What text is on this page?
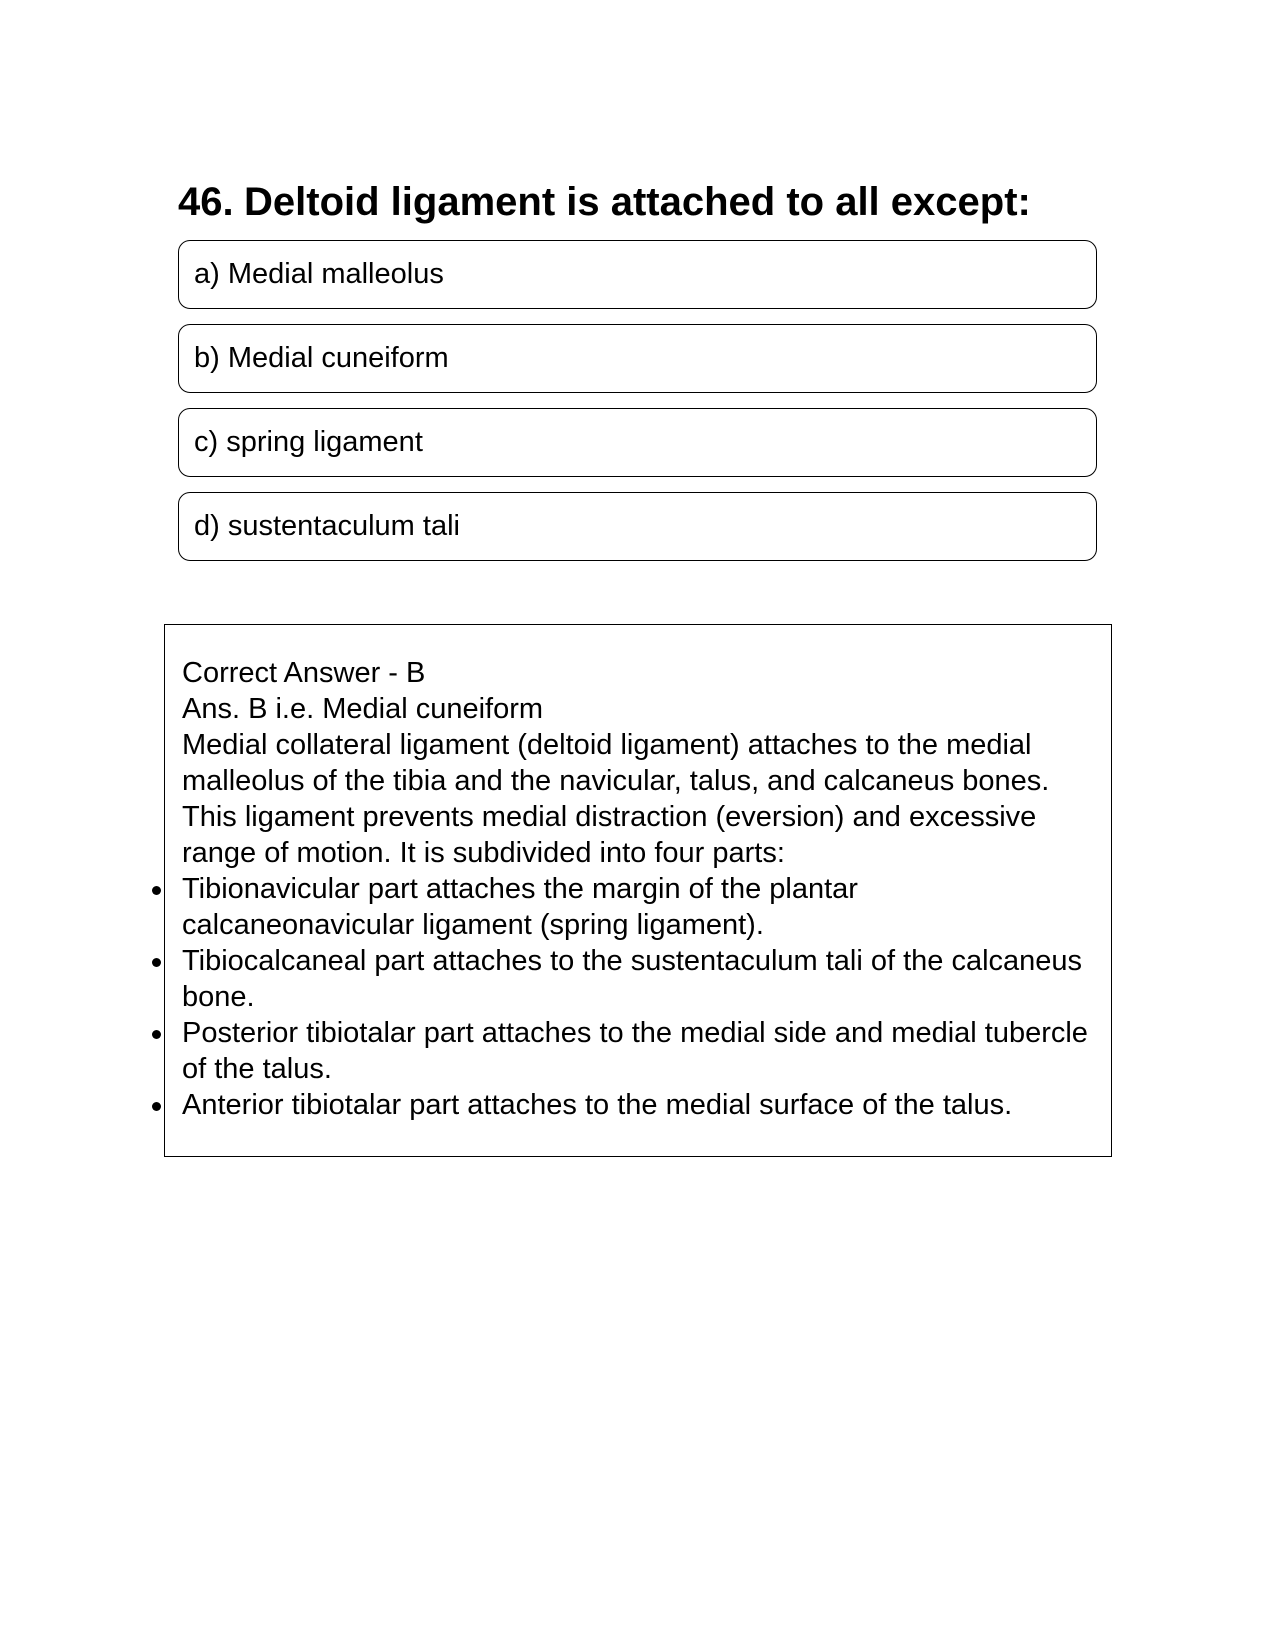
46. Deltoid ligament is attached to all except:
a) Medial malleolus
b) Medial cuneiform
c) spring ligament
d) sustentaculum tali

Correct Answer - B

Ans. B i.e. Medial cuneiform

Medial collateral ligament (deltoid ligament) attaches to the medial malleolus of the tibia and the navicular, talus, and calcaneus bones. This ligament prevents medial distraction (eversion) and excessive range of motion. It is subdivided into four parts:

Tibionavicular part attaches the margin of the plantar calcaneonavicular ligament (spring ligament).
Tibiocalcaneal part attaches to the sustentaculum tali of the calcaneus bone.
Posterior tibiotalar part attaches to the medial side and medial tubercle of the talus.
Anterior tibiotalar part attaches to the medial surface of the talus.
